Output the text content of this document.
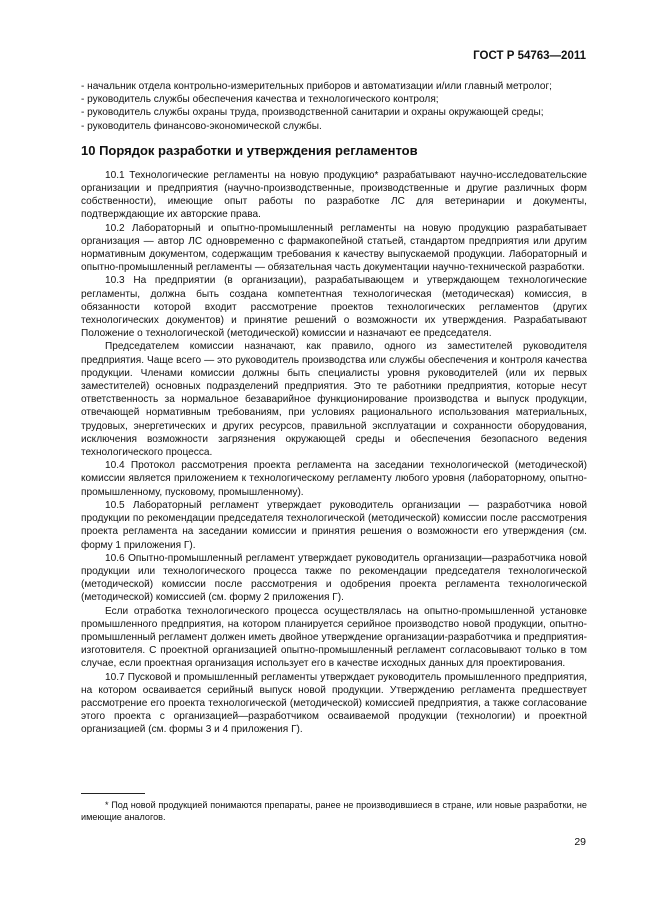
ГОСТ Р 54763—2011

- начальник отдела контрольно-измерительных приборов и автоматизации и/или главный метролог;

- руководитель службы обеспечения качества и технологического контроля;

- руководитель службы охраны труда, производственной санитарии и охраны окружающей среды;

- руководитель финансово-экономической службы.

10 Порядок разработки и утверждения регламентов

10.1 Технологические регламенты на новую продукцию* разрабатывают научно-исследовательские организации и предприятия (научно-производственные, производственные и другие различных форм собственности), имеющие опыт работы по разработке ЛС для ветеринарии и документы, подтверждающие их авторские права.

10.2 Лабораторный и опытно-промышленный регламенты на новую продукцию разрабатывает организация — автор ЛС одновременно с фармакопейной статьей, стандартом предприятия или другим нормативным документом, содержащим требования к качеству выпускаемой продукции. Лабораторный и опытно-промышленный регламенты — обязательная часть документации научно-технической разработки.

10.3 На предприятии (в организации), разрабатывающем и утверждающем технологические регламенты, должна быть создана компетентная технологическая (методическая) комиссия, в обязанности которой входит рассмотрение проектов технологических регламентов (других технологических документов) и принятие решений о возможности их утверждения. Разрабатывают Положение о технологической (методической) комиссии и назначают ее председателя.

Председателем комиссии назначают, как правило, одного из заместителей руководителя предприятия. Чаще всего — это руководитель производства или службы обеспечения и контроля качества продукции. Членами комиссии должны быть специалисты уровня руководителей (или их первых заместителей) основных подразделений предприятия. Это те работники предприятия, которые несут ответственность за нормальное безаварийное функционирование производства и выпуск продукции, отвечающей нормативным требованиям, при условиях рационального использования материальных, трудовых, энергетических и других ресурсов, правильной эксплуатации и сохранности оборудования, исключения возможности загрязнения окружающей среды и обеспечения безопасного ведения технологического процесса.

10.4 Протокол рассмотрения проекта регламента на заседании технологической (методической) комиссии является приложением к технологическому регламенту любого уровня (лабораторному, опытно-промышленному, пусковому, промышленному).

10.5 Лабораторный регламент утверждает руководитель организации — разработчика новой продукции по рекомендации председателя технологической (методической) комиссии после рассмотрения проекта регламента на заседании комиссии и принятия решения о возможности его утверждения (см. форму 1 приложения Г).

10.6 Опытно-промышленный регламент утверждает руководитель организации—разработчика новой продукции или технологического процесса также по рекомендации председателя технологической (методической) комиссии после рассмотрения и одобрения проекта регламента технологической (методической) комиссией (см. форму 2 приложения Г).

Если отработка технологического процесса осуществлялась на опытно-промышленной установке промышленного предприятия, на котором планируется серийное производство новой продукции, опытно-промышленный регламент должен иметь двойное утверждение организации-разработчика и предприятия-изготовителя. С проектной организацией опытно-промышленный регламент согласовывают только в том случае, если проектная организация использует его в качестве исходных данных для проектирования.

10.7 Пусковой и промышленный регламенты утверждает руководитель промышленного предприятия, на котором осваивается серийный выпуск новой продукции. Утверждению регламента предшествует рассмотрение его проекта технологической (методической) комиссией предприятия, а также согласование этого проекта с организацией—разработчиком осваиваемой продукции (технологии) и проектной организацией (см. формы 3 и 4 приложения Г).

* Под новой продукцией понимаются препараты, ранее не производившиеся в стране, или новые разработки, не имеющие аналогов.
29
